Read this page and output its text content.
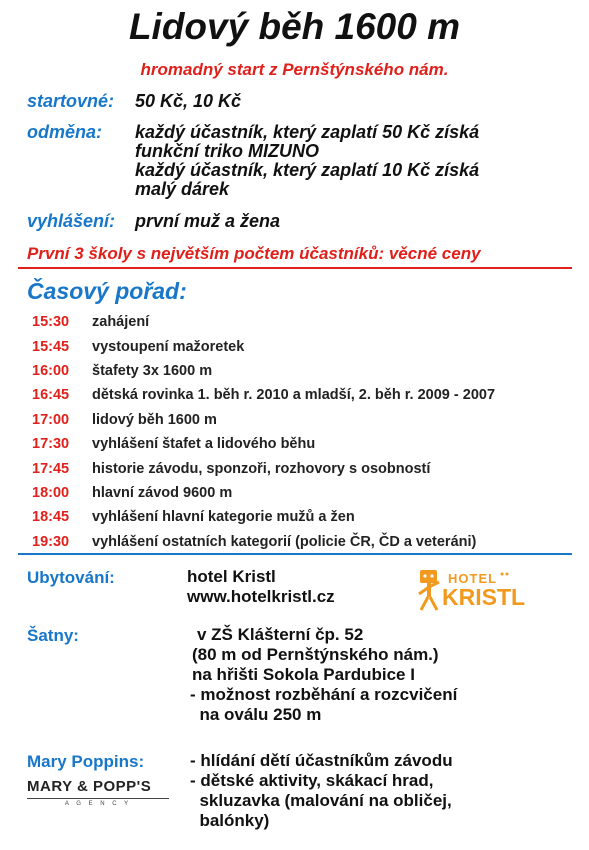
Lidový běh 1600 m
hromadný start z Pernštýnského nám.
startovné: 50 Kč, 10 Kč
odměna: každý účastník, který zaplatí 50 Kč získá
funkční triko MIZUNO
každý účastník, který zaplatí 10 Kč získá
malý dárek
vyhlášení: první muž a žena
První 3 školy s největším počtem účastníků: věcné ceny
Časový pořad:
15:30	zahájení
15:45	vystoupení mažoretek
16:00	štafety 3x 1600 m
16:45	dětská rovinka 1. běh r. 2010 a mladší, 2. běh r. 2009 - 2007
17:00	lidový běh 1600 m
17:30	vyhlášení štafet a lidového běhu
17:45	historie závodu, sponzoři, rozhovory s osobností
18:00	hlavní závod 9600 m
18:45	vyhlášení hlavní kategorie mužů a žen
19:30	vyhlášení ostatních kategorií (policie ČR, ČD a veteráni)
Ubytování:	hotel Kristl
www.hotelkristl.cz
HOTEL
KRISTL
Šatny:	v ZŠ Klášterní čp. 52
(80 m od Pernštýnského nám.)
na hřišti Sokola Pardubice I
- možnost rozběhání a rozcvičení
na oválu 250 m
Mary Poppins:	- hlídání dětí účastníkům závodu
- dětské aktivity, skákací hrad,
skluzavka (malování na obličej,
balónky)
MARY & POPP'S
A G E N C Y
